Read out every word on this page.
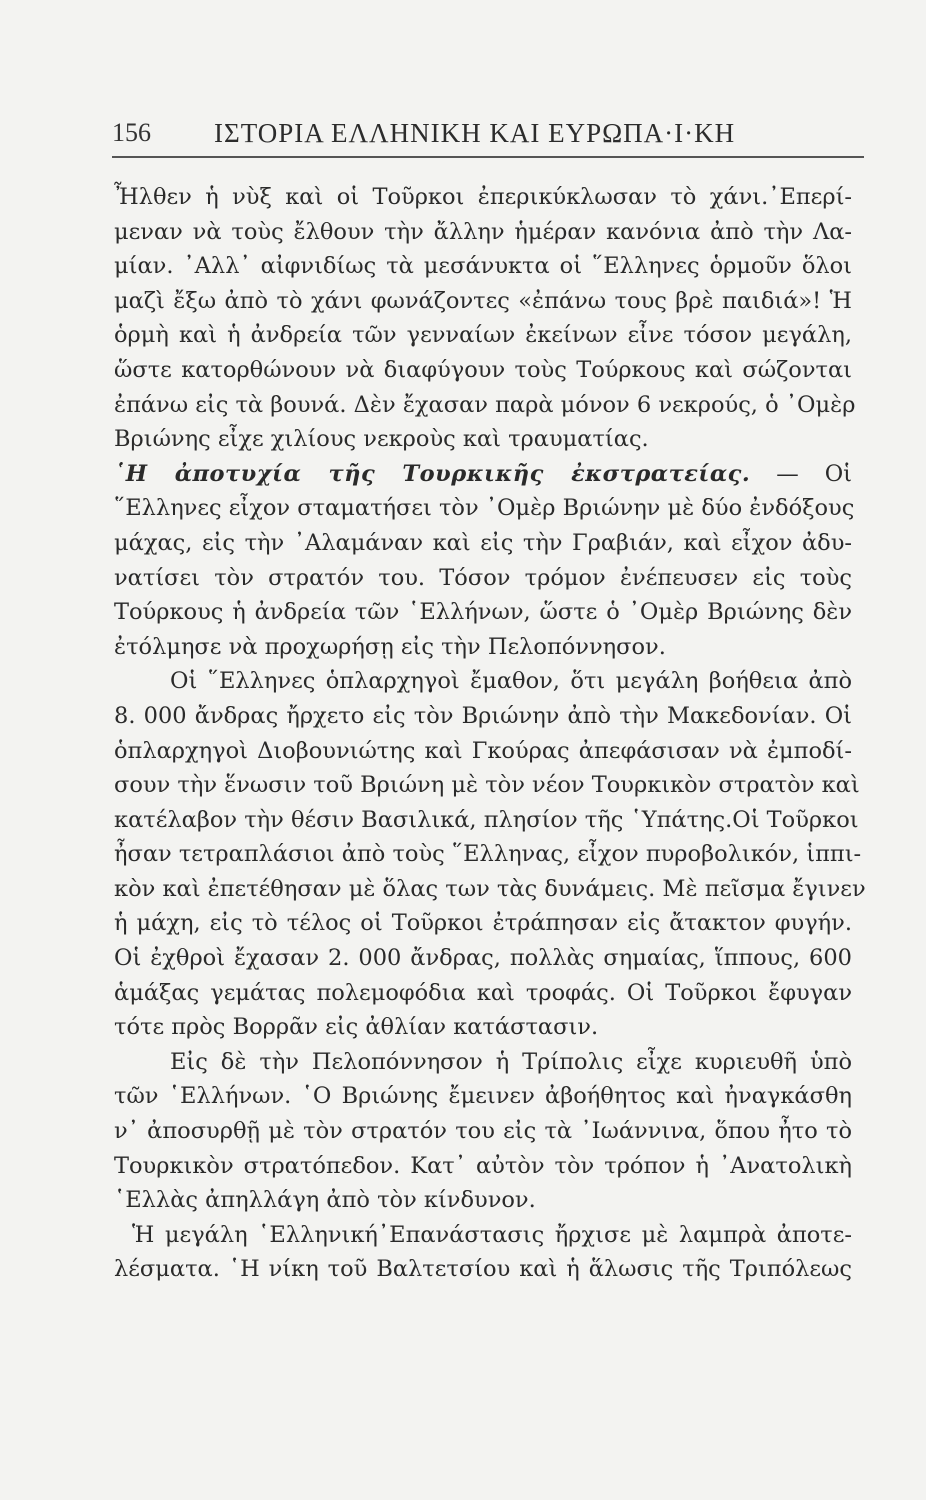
156 ΙΣΤΟΡΙΑ ΕΛΛΗΝΙΚΗ ΚΑΙ ΕΥΡΩΠΑ·Ι·ΚΗ
Ἦλθεν ἡ νὺξ καὶ οἱ Τοῦρκοι ἐπερικύκλωσαν τὸ χάνι.᾿Επερί-
μεναν νὰ τοὺς ἔλθουν τὴν ἄλλην ἡμέραν κανόνια ἀπὸ τὴν Λα-
μίαν. ᾿Αλλ᾿ αἰφνιδίως τὰ μεσάνυκτα οἱ ῞Ελληνες ὁρμοῦν ὅλοι
μαζὶ ἔξω ἀπὸ τὸ χάνι φωνάζοντες «ἐπάνω τους βρὲ παιδιά»! Ἡ
ὁρμὴ καὶ ἡ ἀνδρεία τῶν γενναίων ἐκείνων εἶνε τόσον μεγάλη,
ὥστε κατορθώνουν νὰ διαφύγουν τοὺς Τούρκους καὶ σώζονται
ἐπάνω εἰς τὰ βουνά. Δὲν ἔχασαν παρὰ μόνον 6 νεκρούς, ὁ ᾿Ομὲρ
Βριώνης εἶχε χιλίους νεκροὺς καὶ τραυματίας.
῾Η ἀποτυχία τῆς Τουρκικῆς ἐκστρατείας. — Οἱ
῞Ελληνες εἶχον σταματήσει τὸν ᾿Ομὲρ Βριώνην μὲ δύο ἐνδόξους
μάχας, εἰς τὴν ᾿Αλαμάναν καὶ εἰς τὴν Γραβιάν, καὶ εἶχον ἀδυ-
νατίσει τὸν στρατόν του. Τόσον τρόμον ἐνέπευσεν εἰς τοὺς
Τούρκους ἡ ἀνδρεία τῶν ῾Ελλήνων, ὥστε ὁ ᾿Ομὲρ Βριώνης δὲν
ἐτόλμησε νὰ προχωρήσῃ εἰς τὴν Πελοπόννησον.
Οἱ ῞Ελληνες ὁπλαρχηγοὶ ἔμαθον, ὅτι μεγάλη βοήθεια ἀπὸ
8. 000 ἄνδρας ἤρχετο εἰς τὸν Βριώνην ἀπὸ τὴν Μακεδονίαν. Οἱ
ὁπλαρχηγοὶ Διοβουνιώτης καὶ Γκούρας ἀπεφάσισαν νὰ ἐμποδί-
σουν τὴν ἕνωσιν τοῦ Βριώνη μὲ τὸν νέον Τουρκικὸν στρατὸν καὶ
κατέλαβον τὴν θέσιν Βασιλικά, πλησίον τῆς ῾Υπάτης.Οἱ Τοῦρκοι
ἦσαν τετραπλάσιοι ἀπὸ τοὺς ῞Ελληνας, εἶχον πυροβολικόν, ἱππι-
κὸν καὶ ἐπετέθησαν μὲ ὅλας των τὰς δυνάμεις. Μὲ πεῖσμα ἔγινεν
ἡ μάχη, εἰς τὸ τέλος οἱ Τοῦρκοι ἐτράπησαν εἰς ἄτακτον φυγήν.
Οἱ ἐχθροὶ ἔχασαν 2. 000 ἄνδρας, πολλὰς σημαίας, ἵππους, 600
ἁμάξας γεμάτας πολεμοφόδια καὶ τροφάς. Οἱ Τοῦρκοι ἔφυγαν
τότε πρὸς Βορρᾶν εἰς ἀθλίαν κατάστασιν.
Εἰς δὲ τὴν Πελοπόννησον ἡ Τρίπολις εἶχε κυριευθῆ ὑπὸ
τῶν ῾Ελλήνων. ῾Ο Βριώνης ἔμεινεν ἀβοήθητος καὶ ἠναγκάσθη
ν᾿ ἀποσυρθῇ μὲ τὸν στρατόν του εἰς τὰ ᾿Ιωάννινα, ὅπου ἦτο τὸ
Τουρκικὸν στρατόπεδον. Κατ᾿ αὐτὸν τὸν τρόπον ἡ ᾿Ανατολικὴ
῾Ελλὰς ἀπηλλάγη ἀπὸ τὸν κίνδυνον.
Ἡ μεγάλη ῾Ελληνική᾿Επανάστασις ἤρχισε μὲ λαμπρὰ ἀποτε-
λέσματα. ῾Η νίκη τοῦ Βαλτετσίου καὶ ἡ ἅλωσις τῆς Τριπόλεως
